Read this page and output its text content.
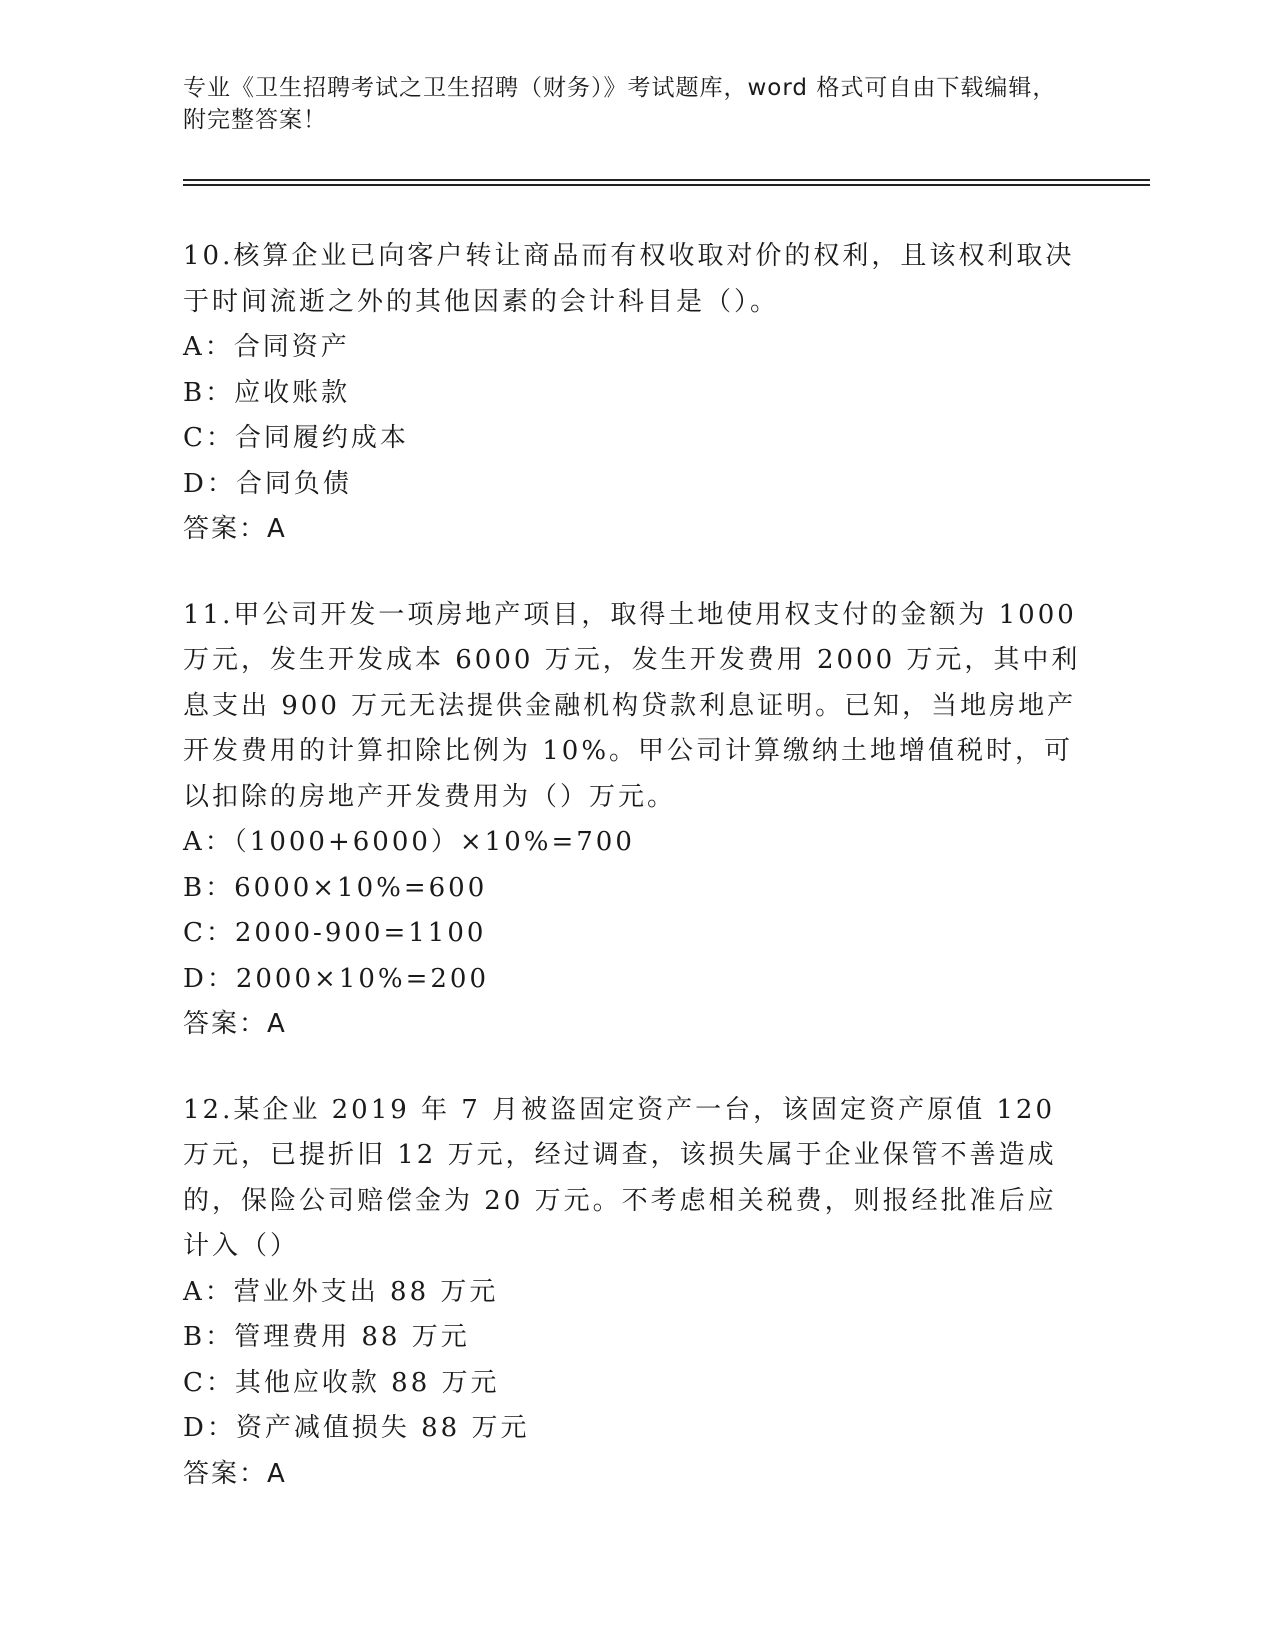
专业《卫生招聘考试之卫生招聘（财务）》考试题库，word 格式可自由下载编辑，附完整答案！

10.核算企业已向客户转让商品而有权收取对价的权利，且该权利取决于时间流逝之外的其他因素的会计科目是（）。

A：合同资产

B：应收账款

C：合同履约成本

D：合同负债

答案：A

11.甲公司开发一项房地产项目，取得土地使用权支付的金额为 1000 万元，发生开发成本 6000 万元，发生开发费用 2000 万元，其中利息支出 900 万元无法提供金融机构贷款利息证明。已知，当地房地产开发费用的计算扣除比例为 10%。甲公司计算缴纳土地增值税时，可以扣除的房地产开发费用为（）万元。

A：（1000+6000）×10%=700

B：6000×10%=600

C：2000-900=1100

D：2000×10%=200

答案：A

12.某企业 2019 年 7 月被盗固定资产一台，该固定资产原值 120 万元，已提折旧 12 万元，经过调查，该损失属于企业保管不善造成的，保险公司赔偿金为 20 万元。不考虑相关税费，则报经批准后应计入（）

A：营业外支出 88 万元

B：管理费用 88 万元

C：其他应收款 88 万元

D：资产减值损失 88 万元

答案：A
